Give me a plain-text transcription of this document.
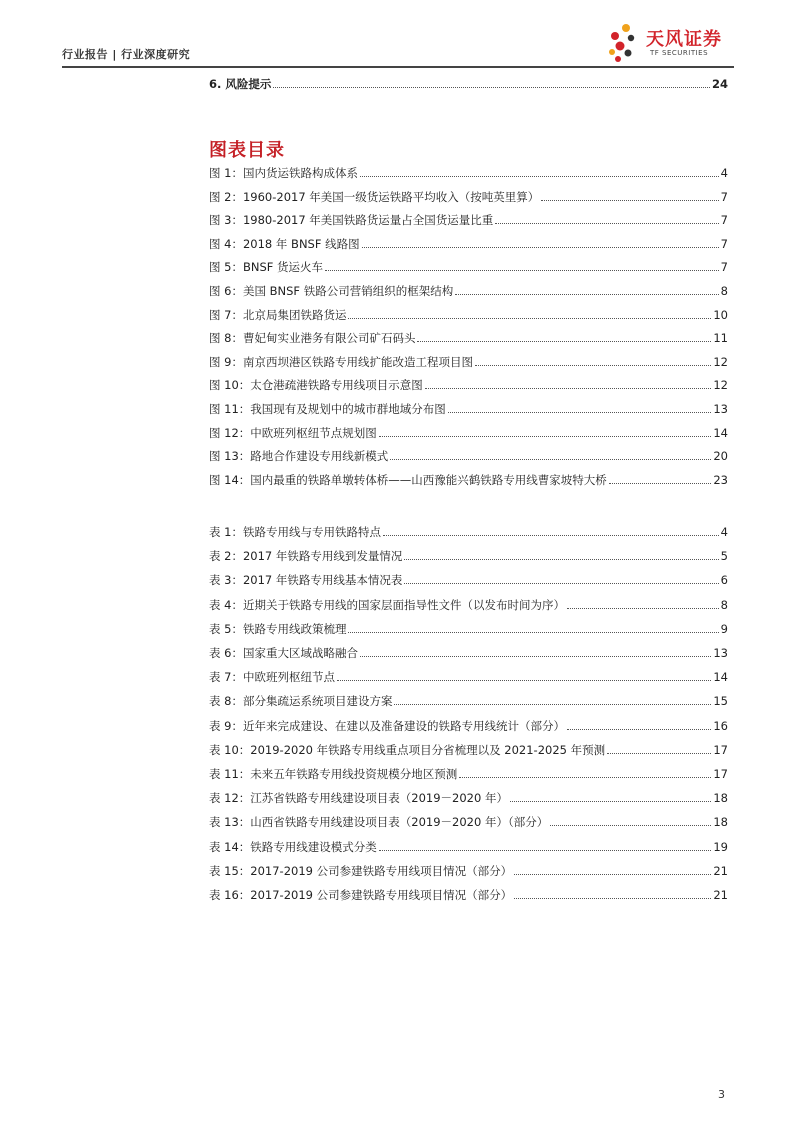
行业报告 | 行业深度研究
天风证券
TF SECURITIES
6. 风险提示	24
图表目录
图 1：国内货运铁路构成体系	4
图 2：1960-2017 年美国一级货运铁路平均收入（按吨英里算）	7
图 3：1980-2017 年美国铁路货运量占全国货运量比重	7
图 4：2018 年 BNSF 线路图	7
图 5：BNSF 货运火车	7
图 6：美国 BNSF 铁路公司营销组织的框架结构	8
图 7：北京局集团铁路货运	10
图 8：曹妃甸实业港务有限公司矿石码头	11
图 9：南京西坝港区铁路专用线扩能改造工程项目图	12
图 10：太仓港疏港铁路专用线项目示意图	12
图 11：我国现有及规划中的城市群地域分布图	13
图 12：中欧班列枢纽节点规划图	14
图 13：路地合作建设专用线新模式	20
图 14：国内最重的铁路单墩转体桥——山西豫能兴鹤铁路专用线曹家坡特大桥	23
表 1：铁路专用线与专用铁路特点	4
表 2：2017 年铁路专用线到发量情况	5
表 3：2017 年铁路专用线基本情况表	6
表 4：近期关于铁路专用线的国家层面指导性文件（以发布时间为序）	8
表 5：铁路专用线政策梳理	9
表 6：国家重大区域战略融合	13
表 7：中欧班列枢纽节点	14
表 8：部分集疏运系统项目建设方案	15
表 9：近年来完成建设、在建以及准备建设的铁路专用线统计（部分）	16
表 10：2019-2020 年铁路专用线重点项目分省梳理以及 2021-2025 年预测	17
表 11：未来五年铁路专用线投资规模分地区预测	17
表 12：江苏省铁路专用线建设项目表（2019－2020 年）	18
表 13：山西省铁路专用线建设项目表（2019－2020 年）（部分）	18
表 14：铁路专用线建设模式分类	19
表 15：2017-2019 公司参建铁路专用线项目情况（部分）	21
表 16：2017-2019 公司参建铁路专用线项目情况（部分）	21
3
